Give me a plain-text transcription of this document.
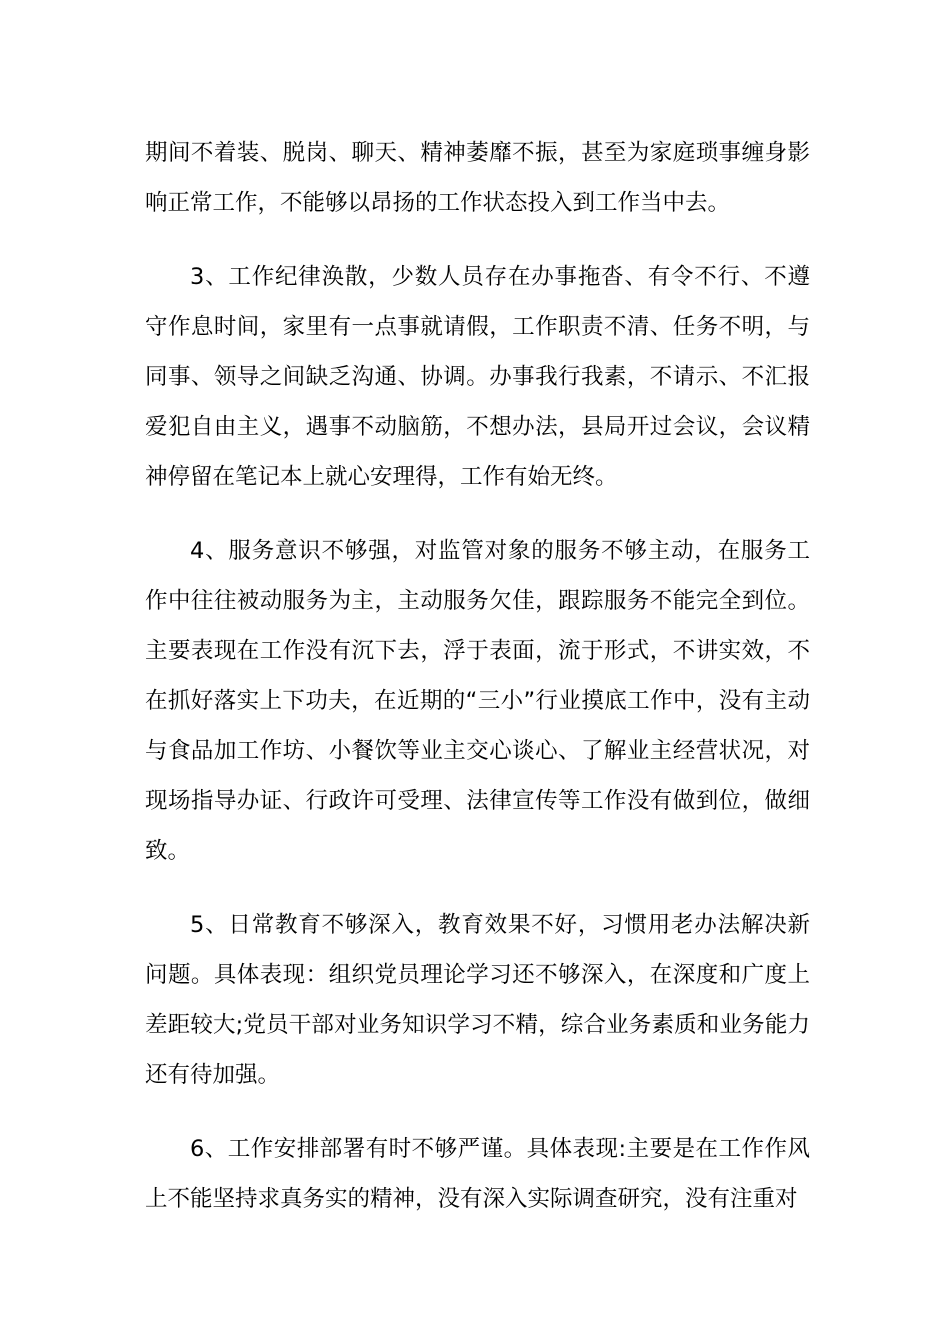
期间不着装、脱岗、聊天、精神萎靡不振，甚至为家庭琐事缠身影响正常工作，不能够以昂扬的工作状态投入到工作当中去。

3、工作纪律涣散，少数人员存在办事拖沓、有令不行、不遵守作息时间，家里有一点事就请假，工作职责不清、任务不明，与同事、领导之间缺乏沟通、协调。办事我行我素，不请示、不汇报爱犯自由主义，遇事不动脑筋，不想办法，县局开过会议，会议精神停留在笔记本上就心安理得，工作有始无终。

4、服务意识不够强，对监管对象的服务不够主动，在服务工作中往往被动服务为主，主动服务欠佳，跟踪服务不能完全到位。主要表现在工作没有沉下去，浮于表面，流于形式，不讲实效，不在抓好落实上下功夫，在近期的“三小”行业摸底工作中，没有主动与食品加工作坊、小餐饮等业主交心谈心、了解业主经营状况，对现场指导办证、行政许可受理、法律宣传等工作没有做到位，做细致。

5、日常教育不够深入，教育效果不好，习惯用老办法解决新问题。具体表现：组织党员理论学习还不够深入，在深度和广度上差距较大;党员干部对业务知识学习不精，综合业务素质和业务能力还有待加强。

6、工作安排部署有时不够严谨。具体表现:主要是在工作作风上不能坚持求真务实的精神，没有深入实际调查研究，没有注重对
